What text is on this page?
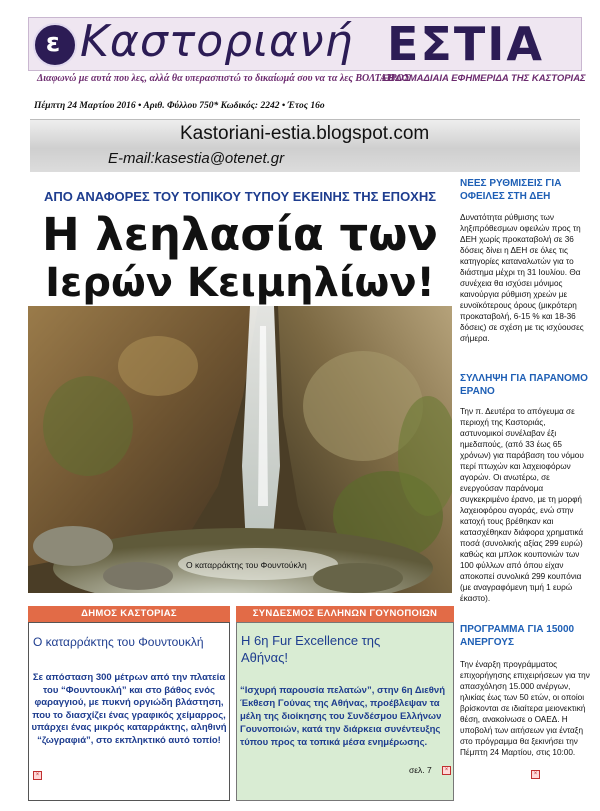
ε Καστοριανή ΕΣΤΙΑ
Διαφωνώ με αυτά που λες, αλλά θα υπερασπιστώ το δικαίωμά σου να τα λες ΒΟΛΤΑΙΡΟΣ
ΕΒΔΟΜΑΔΙΑΙΑ ΕΦΗΜΕΡΙΔΑ ΤΗΣ ΚΑΣΤΟΡΙΑΣ
Πέμπτη 24 Μαρτίου 2016 • Αριθ. Φύλλου 750* Κωδικός: 2242 • Έτος 16ο
Kastoriani-estia.blogspot.com
E-mail:kasestia@otenet.gr
ΑΠΟ ΑΝΑΦΟΡΕΣ ΤΟΥ ΤΟΠΙΚΟΥ ΤΥΠΟΥ ΕΚΕΙΝΗΣ ΤΗΣ ΕΠΟΧΗΣ
Η λεηλασία των
Ιερών Κειμηλίων!
Ο καταρράκτης του Φουντούκλη
ΔΗΜΟΣ ΚΑΣΤΟΡΙΑΣ
Ο καταρράκτης του Φουντουκλή

Σε απόσταση 300 μέτρων από την πλατεία του “Φουντουκλή” και στο βάθος ενός φαραγγιού, με πυκνή οργιώδη βλάστηση, που το διασχίζει ένας γραφικός χείμαρρος, υπάρχει ένας μικρός καταρράκτης, αληθινή “ζωγραφιά”, στο εκπληκτικό αυτό τοπίο!

×
ΣΥΝΔΕΣΜΟΣ ΕΛΛΗΝΩΝ ΓΟΥΝΟΠΟΙΩΝ

Η 6η Fur Excellence της Αθήνας!

“Ισχυρή παρουσία πελατών”, στην 6η Διεθνή Έκθεση Γούνας της Αθήνας, προέβλεψαν τα μέλη της διοίκησης του Συνδέσμου Ελλήνων Γουνοποιών, κατά την διάρκεια συνέντευξης τύπου προς τα τοπικά μέσα ενημέρωσης.

σελ. 7	×

ΝΕΕΣ ΡΥΘΜΙΣΕΙΣ ΓΙΑ ΟΦΕΙΛΕΣ ΣΤΗ ΔΕΗ

Δυνατότητα ρύθμισης των ληξιπρόθεσμων οφειλών προς τη ΔΕΗ χωρίς προκαταβολή σε 36 δόσεις δίνει η ΔΕΗ σε όλες τις κατηγορίες καταναλωτών για το διάστημα μέχρι τη 31 Ιουλίου. Θα συνέχεια θα ισχύσει μόνιμος καινούργια ρύθμιση χρεών με ευνοϊκότερους όρους (μικρότερη προκαταβολή, 6-15 % και 18-36 δόσεις) σε σχέση με τις ισχύουσες σήμερα.

ΣΥΛΛΗΨΗ ΓΙΑ ΠΑΡΑΝΟΜΟ ΕΡΑΝΟ

Την π. Δευτέρα το απόγευμα σε περιοχή της Καστοριάς, αστυνομικοί συνέλαβαν έξι ημεδαπούς, (από 33 έως 65 χρόνων) για παράβαση του νόμου περί πτωχών και λαχειοφόρων αγορών. Οι ανωτέρω, σε ενεργούσαν παράνομα συγκεκριμένο έρανο, με τη μορφή λαχειοφόρου αγοράς, ενώ στην κατοχή τους βρέθηκαν και κατασχέθηκαν διάφορα χρηματικά ποσά (συνολικής αξίας 299 ευρώ) καθώς και μπλοκ κουπονιών των 100 φύλλων από όπου είχαν αποκοπεί συνολικά 299 κουπόνια (με αναγραφόμενη τιμή 1 ευρώ έκαστο).

ΠΡΟΓΡΑΜΜΑ ΓΙΑ 15000 ΑΝΕΡΓΟΥΣ

Την έναρξη προγράμματος επιχορήγησης επιχειρήσεων για την απασχόληση 15.000 ανέργων, ηλικίας έως των 50 ετών, οι οποίοι βρίσκονται σε ιδιαίτερα μειονεκτική θέση, ανακοίνωσε ο ΟΑΕΔ. Η υποβολή των αιτήσεων για ένταξη στο πρόγραμμα θα ξεκινήσει την Πέμπτη 24 Μαρτίου, στις 10:00.

×
